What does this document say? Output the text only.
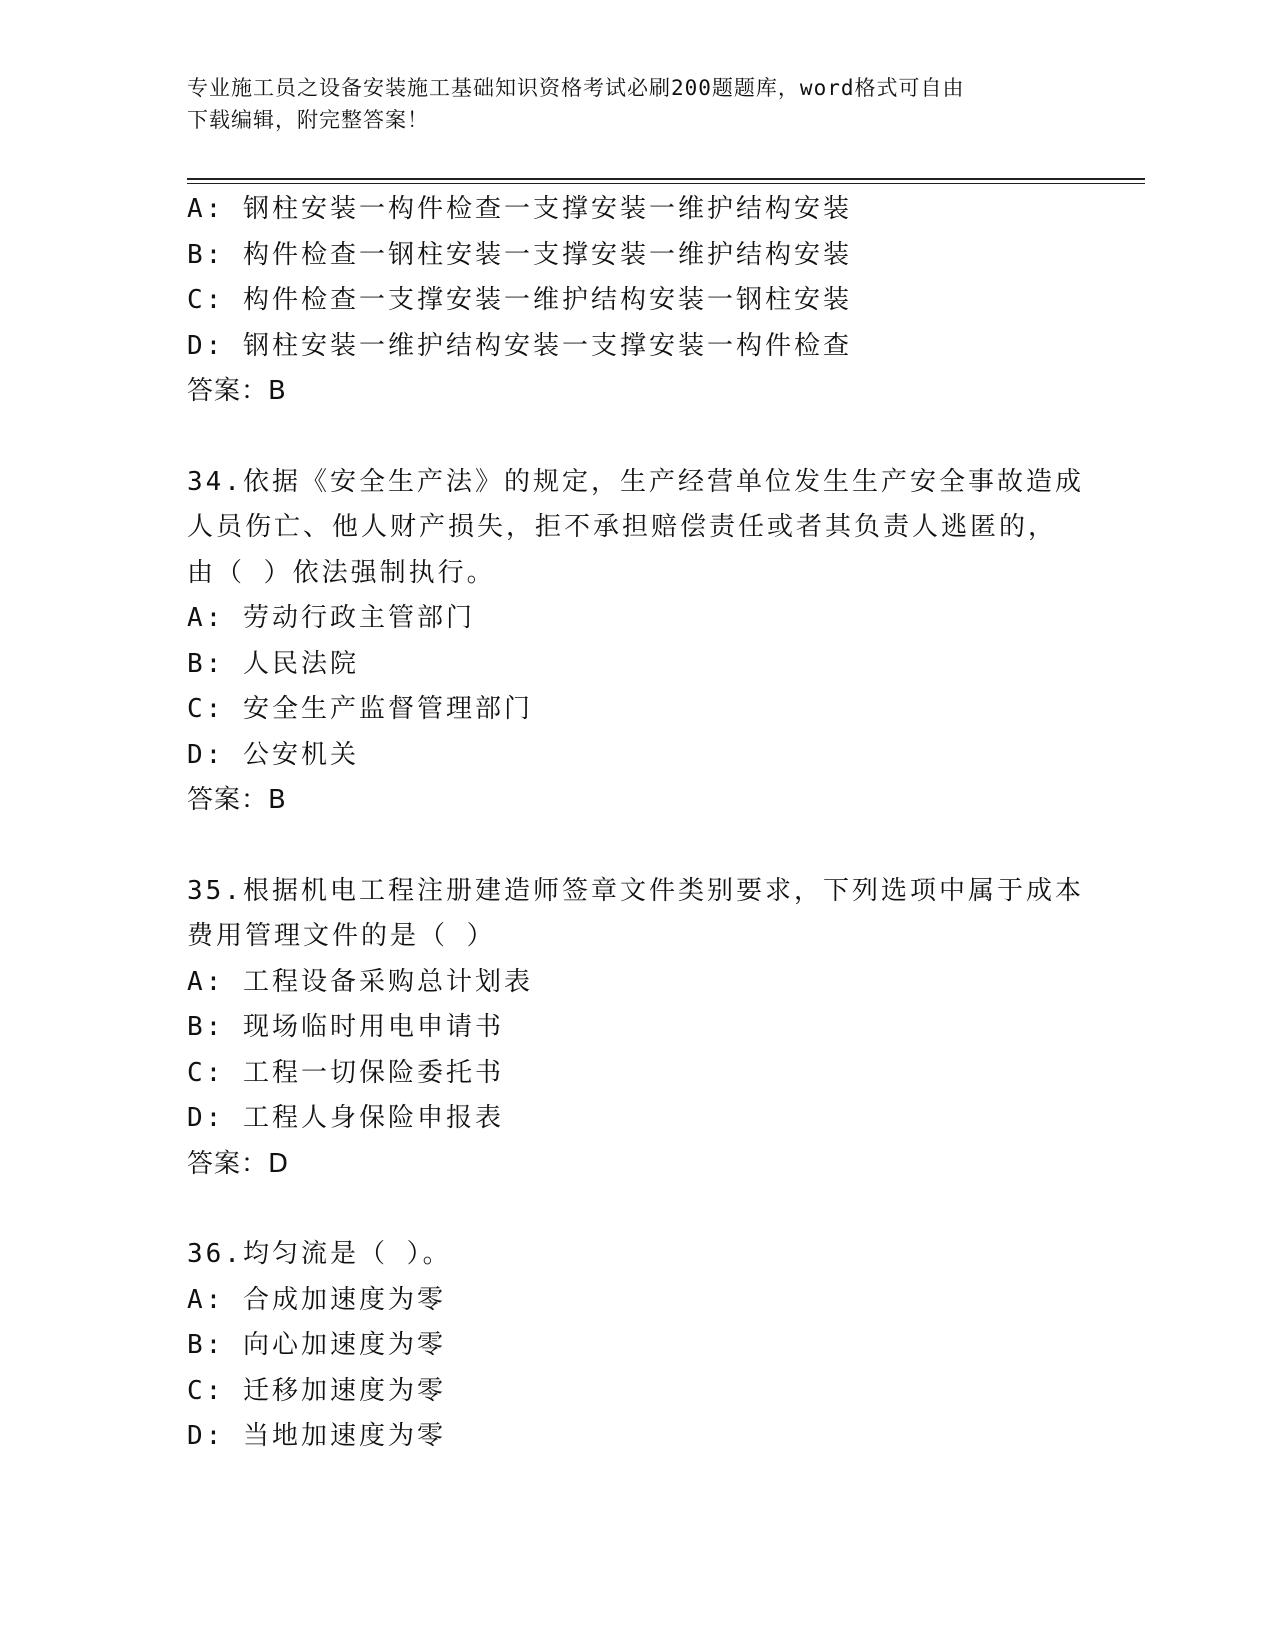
专业施工员之设备安装施工基础知识资格考试必刷200题题库，word格式可自由
下载编辑，附完整答案！
A: 钢柱安装一构件检查一支撑安装一维护结构安装
B: 构件检查一钢柱安装一支撑安装一维护结构安装
C: 构件检查一支撑安装一维护结构安装一钢柱安装
D: 钢柱安装一维护结构安装一支撑安装一构件检查
答案：B
34.依据《安全生产法》的规定，生产经营单位发生生产安全事故造成
人员伤亡、他人财产损失，拒不承担赔偿责任或者其负责人逃匿的，
由（ ）依法强制执行。
A: 劳动行政主管部门
B: 人民法院
C: 安全生产监督管理部门
D: 公安机关
答案：B
35.根据机电工程注册建造师签章文件类别要求，下列选项中属于成本
费用管理文件的是（ ）
A: 工程设备采购总计划表
B: 现场临时用电申请书
C: 工程一切保险委托书
D: 工程人身保险申报表
答案：D
36.均匀流是（ ）。
A: 合成加速度为零
B: 向心加速度为零
C: 迁移加速度为零
D: 当地加速度为零
